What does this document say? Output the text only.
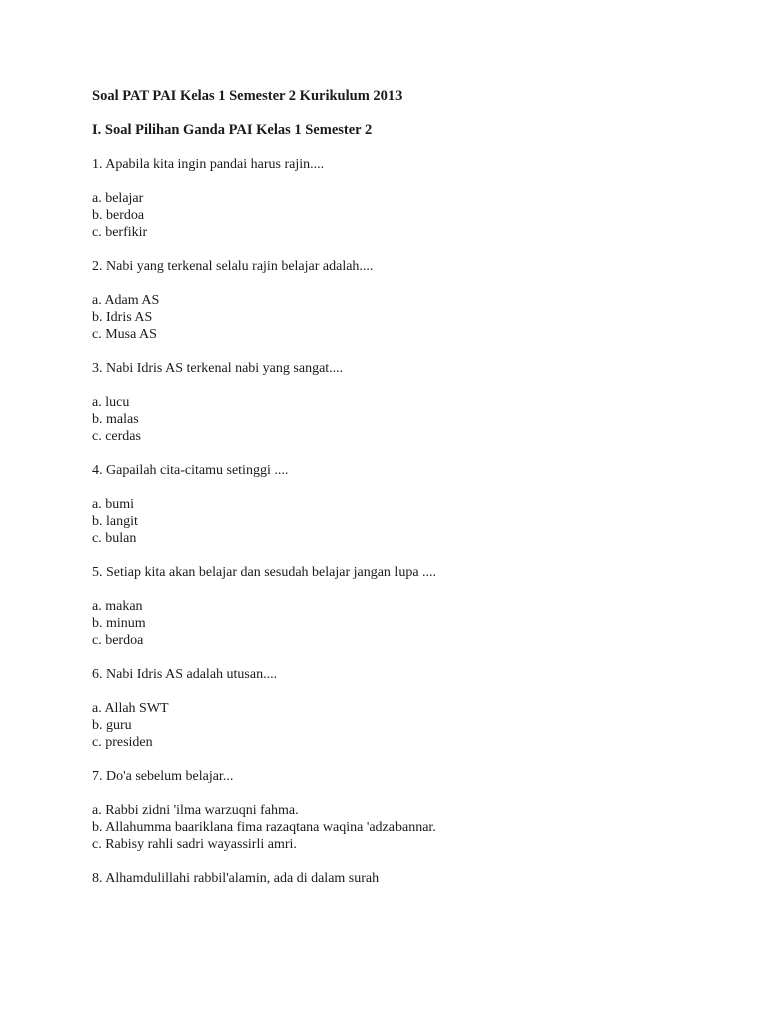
Soal PAT PAI Kelas 1 Semester 2 Kurikulum 2013

I. Soal Pilihan Ganda PAI Kelas 1 Semester 2

1. Apabila kita ingin pandai harus rajin....

a. belajar

b. berdoa

c. berfikir

2. Nabi yang terkenal selalu rajin belajar adalah....

a. Adam AS

b. Idris AS

c. Musa AS

3. Nabi Idris AS terkenal nabi yang sangat....

a. lucu

b. malas

c. cerdas

4. Gapailah cita-citamu setinggi ....

a. bumi

b. langit

c. bulan

5. Setiap kita akan belajar dan sesudah belajar jangan lupa ....

a. makan

b. minum

c. berdoa

6. Nabi Idris AS adalah utusan....

a. Allah SWT

b. guru

c. presiden

7. Do'a sebelum belajar...

a. Rabbi zidni 'ilma warzuqni fahma.

b. Allahumma baariklana fima razaqtana waqina 'adzabannar.

c. Rabisy rahli sadri wayassirli amri.

8. Alhamdulillahi rabbil'alamin, ada di dalam surah
